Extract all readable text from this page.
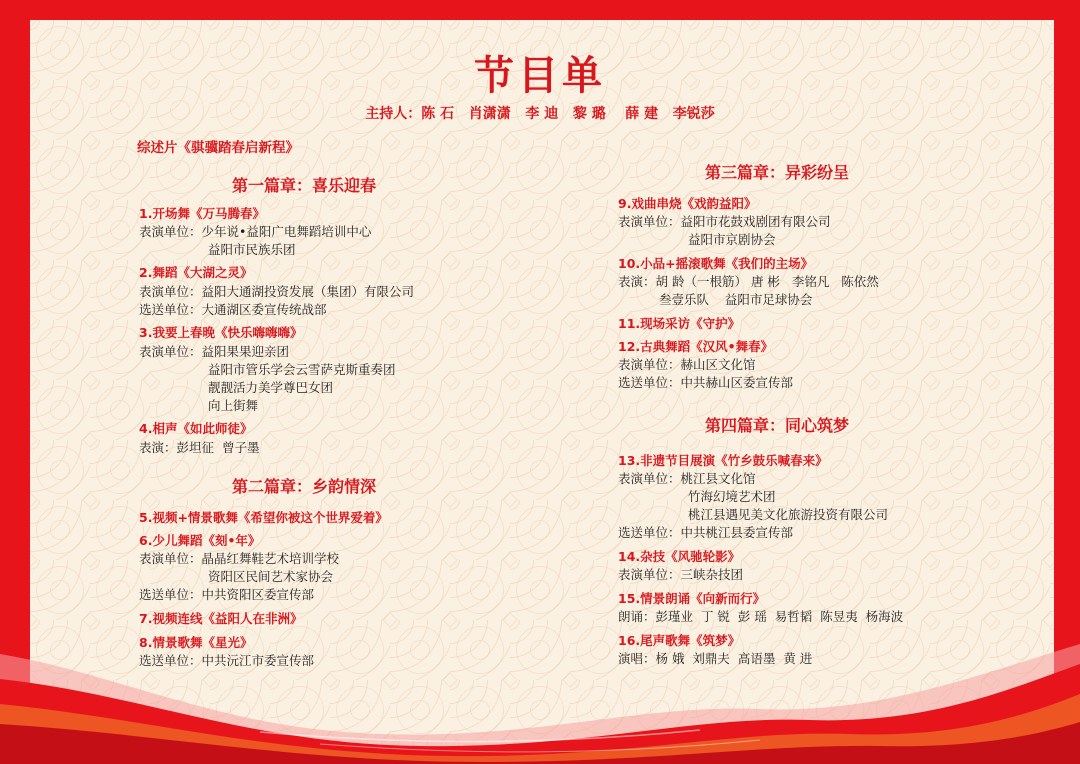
节目单
主持人：陈 石   肖潇潇   李 迪   黎 璐    薛 建   李锐莎
综述片《骐骥踏春启新程》
第一篇章：喜乐迎春
1.开场舞《万马腾春》
表演单位：少年说•益阳广电舞蹈培训中心
益阳市民族乐团
2.舞蹈《大湖之灵》
表演单位：益阳大通湖投资发展（集团）有限公司
选送单位：大通湖区委宣传统战部
3.我要上春晚《快乐嗨嗨嗨》
表演单位：益阳果果迎亲团
益阳市管乐学会云雪萨克斯重奏团
靓靓活力美学尊巴女团
向上街舞
4.相声《如此师徒》
表演：彭坦征  曾子墨
第二篇章：乡韵情深
5.视频+情景歌舞《希望你被这个世界爱着》
6.少儿舞蹈《刻•年》
表演单位：晶晶红舞鞋艺术培训学校
资阳区民间艺术家协会
选送单位：中共资阳区委宣传部
7.视频连线《益阳人在非洲》
8.情景歌舞《星光》
选送单位：中共沅江市委宣传部
第三篇章：异彩纷呈
9.戏曲串烧《戏韵益阳》
表演单位：益阳市花鼓戏剧团有限公司
益阳市京剧协会
10.小品+摇滚歌舞《我们的主场》
表演：胡 龄（一根筋） 唐 彬   李铭凡   陈依然
叁壹乐队    益阳市足球协会
11.现场采访《守护》
12.古典舞蹈《汉风•舞春》
表演单位：赫山区文化馆
选送单位：中共赫山区委宣传部
第四篇章：同心筑梦
13.非遗节目展演《竹乡鼓乐喊春来》
表演单位：桃江县文化馆
竹海幻境艺术团
桃江县遇见美文化旅游投资有限公司
选送单位：中共桃江县委宣传部
14.杂技《风驰轮影》
表演单位：三峡杂技团
15.情景朗诵《向新而行》
朗诵：彭瑾业  丁 锐  彭 瑶  易哲韬  陈昱夷  杨海波
16.尾声歌舞《筑梦》
演唱：杨 娥  刘鼎夫  高语墨  黄 进
